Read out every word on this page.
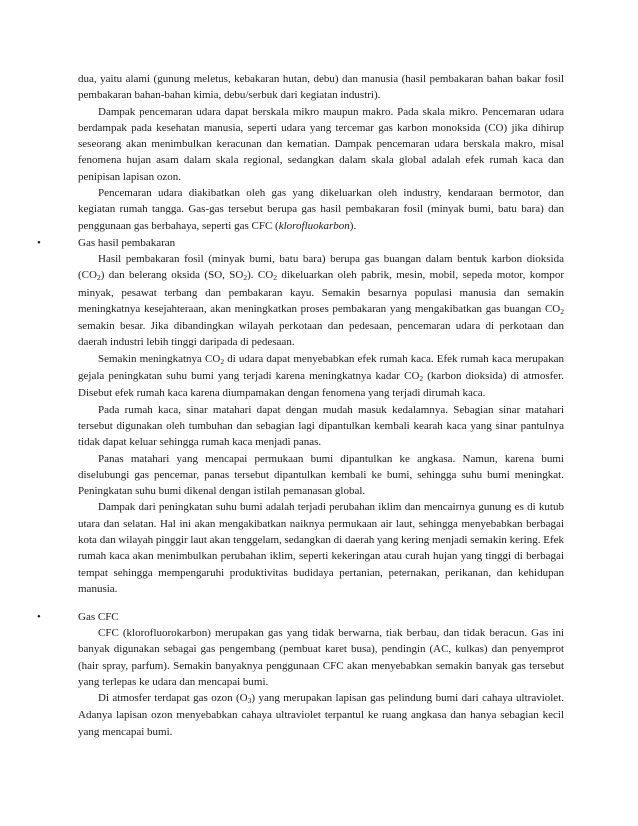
dua, yaitu alami (gunung meletus, kebakaran hutan, debu) dan manusia (hasil pembakaran bahan bakar fosil pembakaran bahan-bahan kimia, debu/serbuk dari kegiatan industri).

Dampak pencemaran udara dapat berskala mikro maupun makro. Pada skala mikro. Pencemaran udara berdampak pada kesehatan manusia, seperti udara yang tercemar gas karbon monoksida (CO) jika dihirup seseorang akan menimbulkan keracunan dan kematian. Dampak pencemaran udara berskala makro, misal fenomena hujan asam dalam skala regional, sedangkan dalam skala global adalah efek rumah kaca dan penipisan lapisan ozon.

Pencemaran udara diakibatkan oleh gas yang dikeluarkan oleh industry, kendaraan bermotor, dan kegiatan rumah tangga. Gas-gas tersebut berupa gas hasil pembakaran fosil (minyak bumi, batu bara) dan penggunaan gas berbahaya, seperti gas CFC (klorofluokarbon).

•	Gas hasil pembakaran

Hasil pembakaran fosil (minyak bumi, batu bara) berupa gas buangan dalam bentuk karbon dioksida $(CO_2)$ dan belerang oksida (SO, $SO_2$). $CO_2$ dikeluarkan oleh pabrik, mesin, mobil, sepeda motor, kompor minyak, pesawat terbang dan pembakaran kayu. Semakin besarnya populasi manusia dan semakin meningkatnya kesejahteraan, akan meningkatkan proses pembakaran yang mengakibatkan gas buangan $CO_2$ semakin besar. Jika dibandingkan wilayah perkotaan dan pedesaan, pencemaran udara di perkotaan dan daerah industri lebih tinggi daripada di pedesaan.

Semakin meningkatnya $CO_2$ di udara dapat menyebabkan efek rumah kaca. Efek rumah kaca merupakan gejala peningkatan suhu bumi yang terjadi karena meningkatnya kadar $CO_2$ (karbon dioksida) di atmosfer. Disebut efek rumah kaca karena diumpamakan dengan fenomena yang terjadi dirumah kaca.

Pada rumah kaca, sinar matahari dapat dengan mudah masuk kedalamnya. Sebagian sinar matahari tersebut digunakan oleh tumbuhan dan sebagian lagi dipantulkan kembali kearah kaca yang sinar pantulnya tidak dapat keluar sehingga rumah kaca menjadi panas.

Panas matahari yang mencapai permukaan bumi dipantulkan ke angkasa. Namun, karena bumi diselubungi gas pencemar, panas tersebut dipantulkan kembali ke bumi, sehingga suhu bumi meningkat. Peningkatan suhu bumi dikenal dengan istilah pemanasan global.

Dampak dari peningkatan suhu bumi adalah terjadi perubahan iklim dan mencairnya gunung es di kutub utara dan selatan. Hal ini akan mengakibatkan naiknya permukaan air laut, sehingga menyebabkan berbagai kota dan wilayah pinggir laut akan tenggelam, sedangkan di daerah yang kering menjadi semakin kering. Efek rumah kaca akan menimbulkan perubahan iklim, seperti kekeringan atau curah hujan yang tinggi di berbagai tempat sehingga mempengaruhi produktivitas budidaya pertanian, peternakan, perikanan, dan kehidupan manusia.

•	Gas CFC

CFC (klorofluorokarbon) merupakan gas yang tidak berwarna, tiak berbau, dan tidak beracun. Gas ini banyak digunakan sebagai gas pengembang (pembuat karet busa), pendingin (AC, kulkas) dan penyemprot (hair spray, parfum). Semakin banyaknya penggunaan CFC akan menyebabkan semakin banyak gas tersebut yang terlepas ke udara dan mencapai bumi.

Di atmosfer terdapat gas ozon $(O_3)$ yang merupakan lapisan gas pelindung bumi dari cahaya ultraviolet. Adanya lapisan ozon menyebabkan cahaya ultraviolet terpantul ke ruang angkasa dan hanya sebagian kecil yang mencapai bumi.
